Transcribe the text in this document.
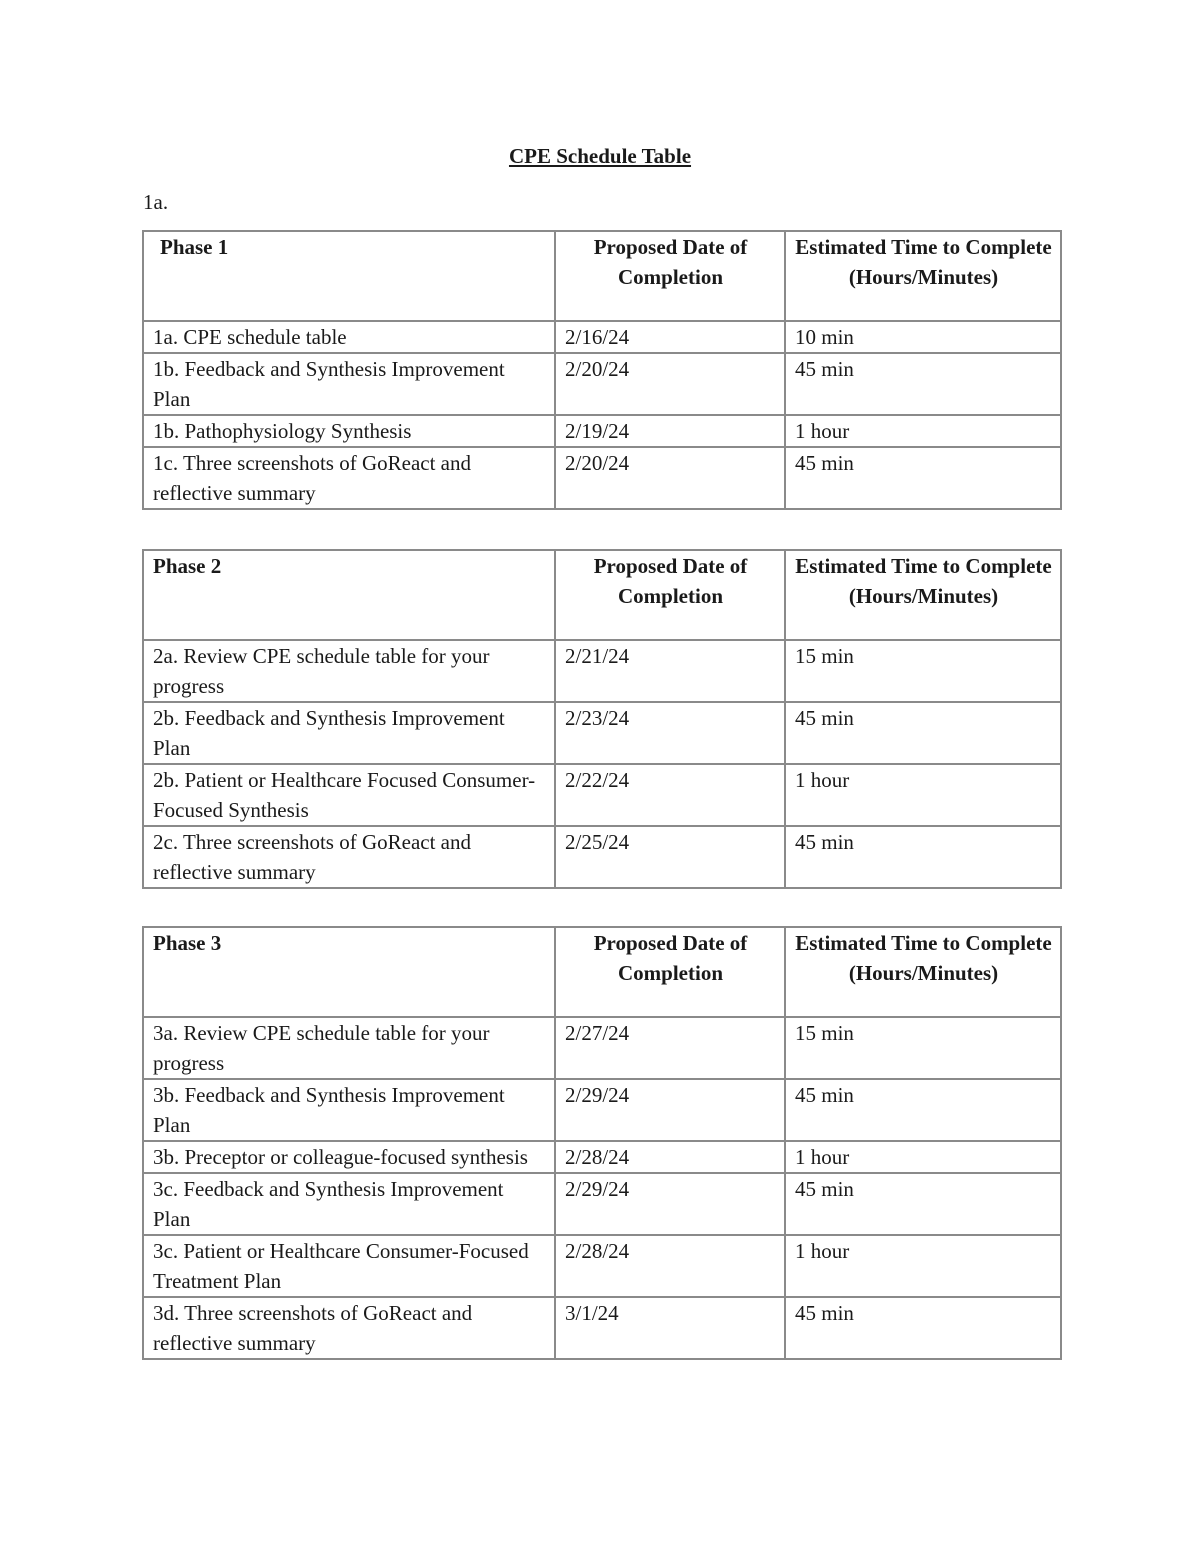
CPE Schedule Table
1a.
Phase 1	Proposed Date of Completion	Estimated Time to Complete (Hours/Minutes)
1a. CPE schedule table	2/16/24	10 min
1b. Feedback and Synthesis Improvement Plan	2/20/24	45 min
1b. Pathophysiology Synthesis	2/19/24	1 hour
1c. Three screenshots of GoReact and reflective summary	2/20/24	45 min
Phase 2	Proposed Date of Completion	Estimated Time to Complete (Hours/Minutes)
2a. Review CPE schedule table for your progress	2/21/24	15 min
2b. Feedback and Synthesis Improvement Plan	2/23/24	45 min
2b. Patient or Healthcare Focused Consumer-Focused Synthesis	2/22/24	1 hour
2c. Three screenshots of GoReact and reflective summary	2/25/24	45 min
Phase 3	Proposed Date of Completion	Estimated Time to Complete (Hours/Minutes)
3a. Review CPE schedule table for your progress	2/27/24	15 min
3b. Feedback and Synthesis Improvement Plan	2/29/24	45 min
3b. Preceptor or colleague-focused synthesis	2/28/24	1 hour
3c. Feedback and Synthesis Improvement Plan	2/29/24	45 min
3c. Patient or Healthcare Consumer-Focused Treatment Plan	2/28/24	1 hour
3d. Three screenshots of GoReact and reflective summary	3/1/24	45 min
